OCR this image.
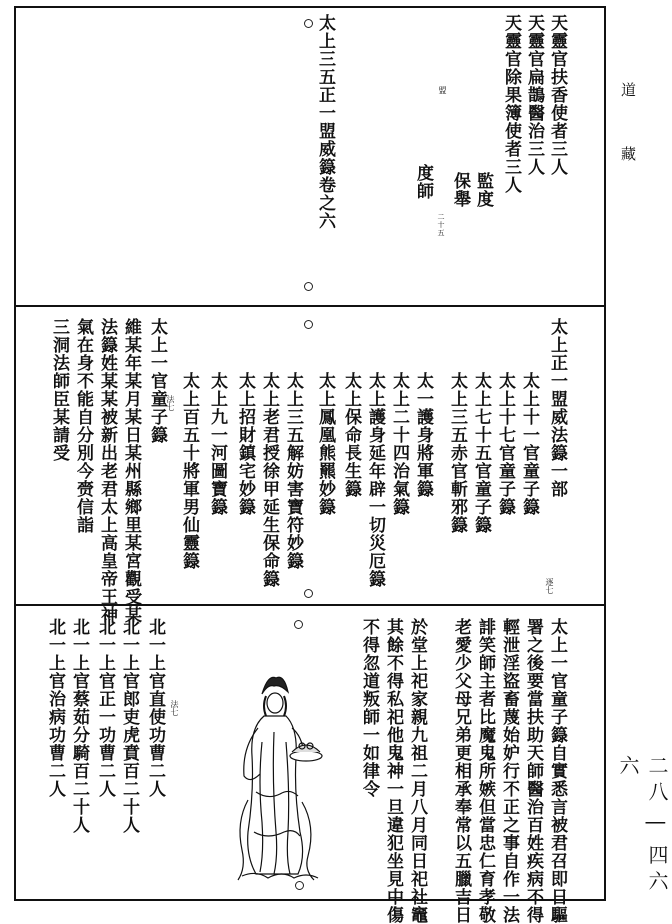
道
藏
二八 | 四六六
天靈官扶香使者三人
天靈官扁鵲醫治三人
天靈官除果簿使者三人
盟
監度
保舉
二十五
度師
太上三五正一盟威籙卷之六
太上正一盟威法籙一部
太上十一官童子籙
太上十七官童子籙
太上七十五官童子籙
太上三五赤官斬邪籙
太一護身將軍籙
太上二十四治氣籙
太上護身延年辟一切災厄籙
太上保命長生籙
太上鳳凰熊羆妙籙
太上三五解妨害寶符妙籙
太上老君授徐甲延生保命籙
太上招財鎮宅妙籙
太上九一河圖寶籙
太上百五十將軍男仙靈籙
法七
太上一官童子籙
維某年某月某日某州縣鄉里某宮觀受某
法籙姓某某被新出老君太上高皇帝王神
氣在身不能自分別今赍信詣
三洞法師臣某請受
逐七
太上一官童子籙自實悉言被君召即日驅
署之後要當扶助天師醫治百姓疾病不得
輕泄淫盜畜蔑始妒行不正之事自作一法
誹笑師主者比魔鬼所嫉但當忠仁育孝敬
老愛少父母兄弟更相承奉常以五臘吉日
於堂上祀家親九祖二月八月同日祀社竈
其餘不得私祀他鬼神一旦違犯坐見中傷
不得忽道叛師一如律令
法七
北一上官直使功曹二人
北一上官郎吏虎賁百二十人
北一上官正一功曹二人
北一上官蔡茹分騎百二十人
北一上官治病功曹二人
